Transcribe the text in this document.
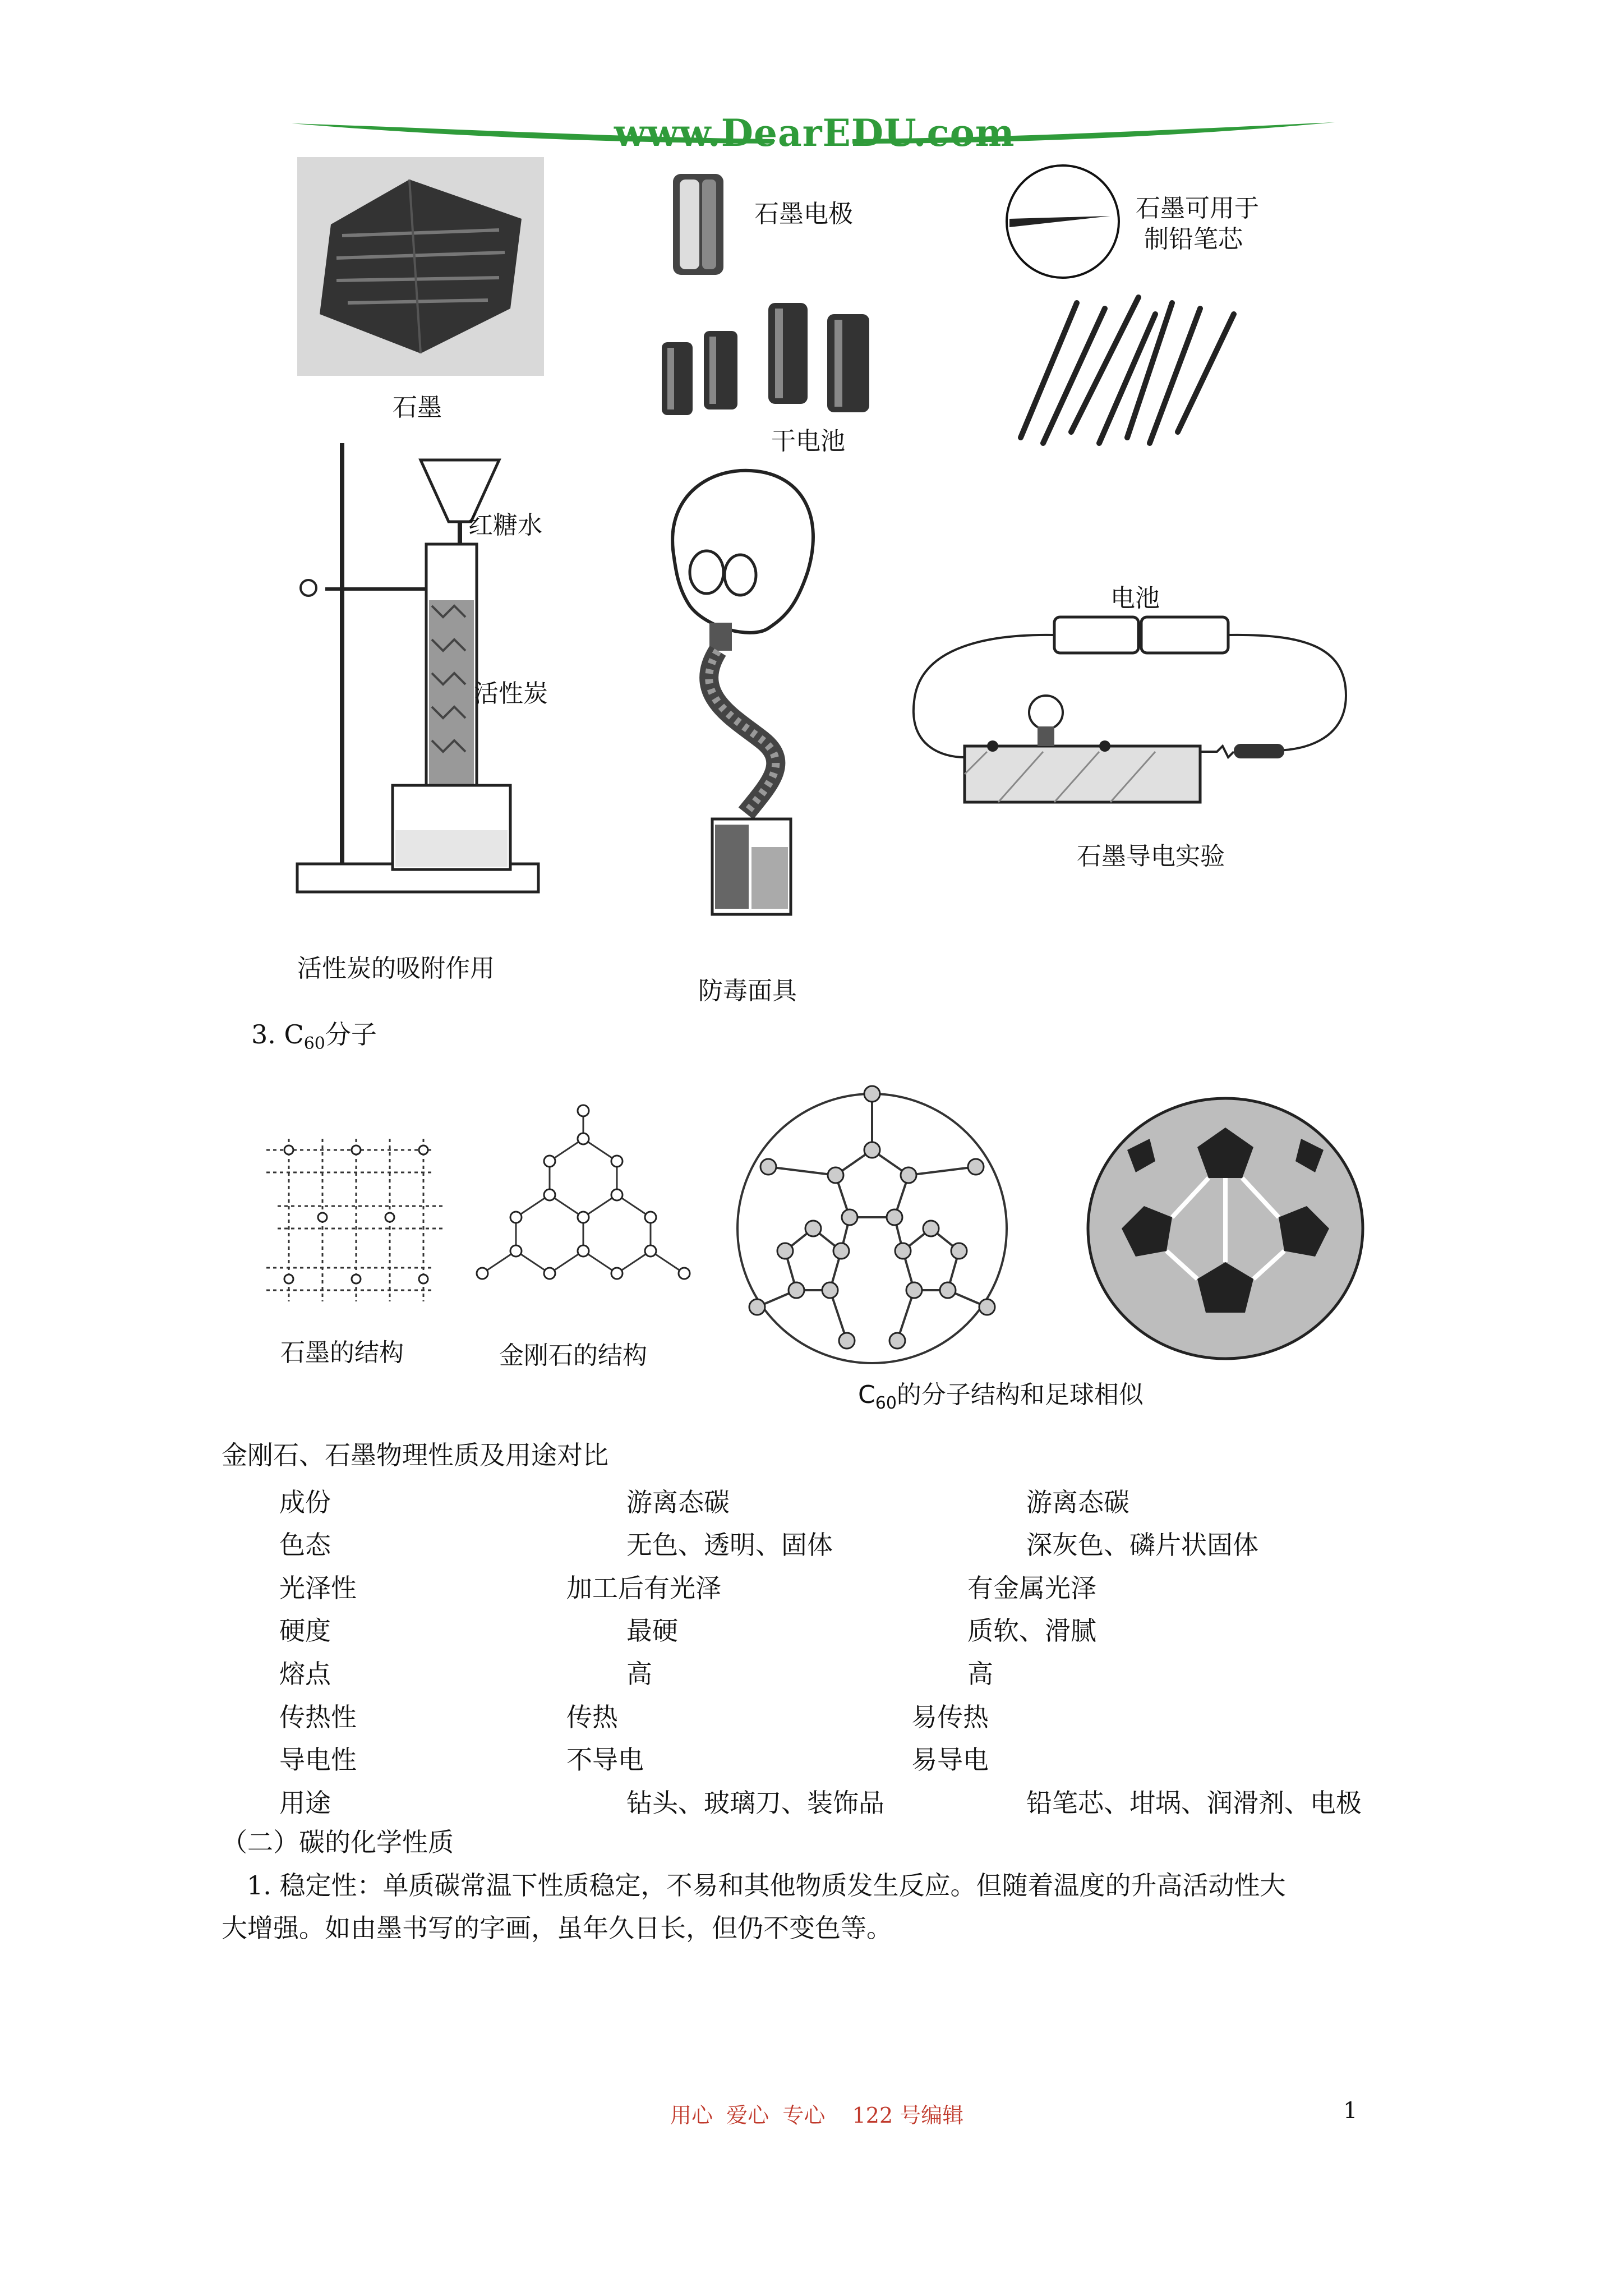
www.DearEDU.com
石墨
石墨电极
干电池
石墨可用于
制铅笔芯
红糖水
活性炭
活性炭的吸附作用
防毒面具
电池
石墨导电实验
3. $C_{60}$分子
石墨的结构	金刚石的结构
$C_{60}$的分子结构和足球相似
金刚石、石墨物理性质及用途对比
成份	游离态碳	游离态碳
色态	无色、透明、固体	深灰色、磷片状固体
光泽性	加工后有光泽	有金属光泽
硬度	最硬	质软、滑腻
熔点	高	高
传热性	传热	易传热
导电性	不导电	易导电
用途	钻头、玻璃刀、装饰品	铅笔芯、坩埚、润滑剂、电极
（二）碳的化学性质
1. 稳定性：单质碳常温下性质稳定，不易和其他物质发生反应。但随着温度的升高活动性大
大增强。如由墨书写的字画，虽年久日长，但仍不变色等。
用心  爱心  专心    122 号编辑	1
